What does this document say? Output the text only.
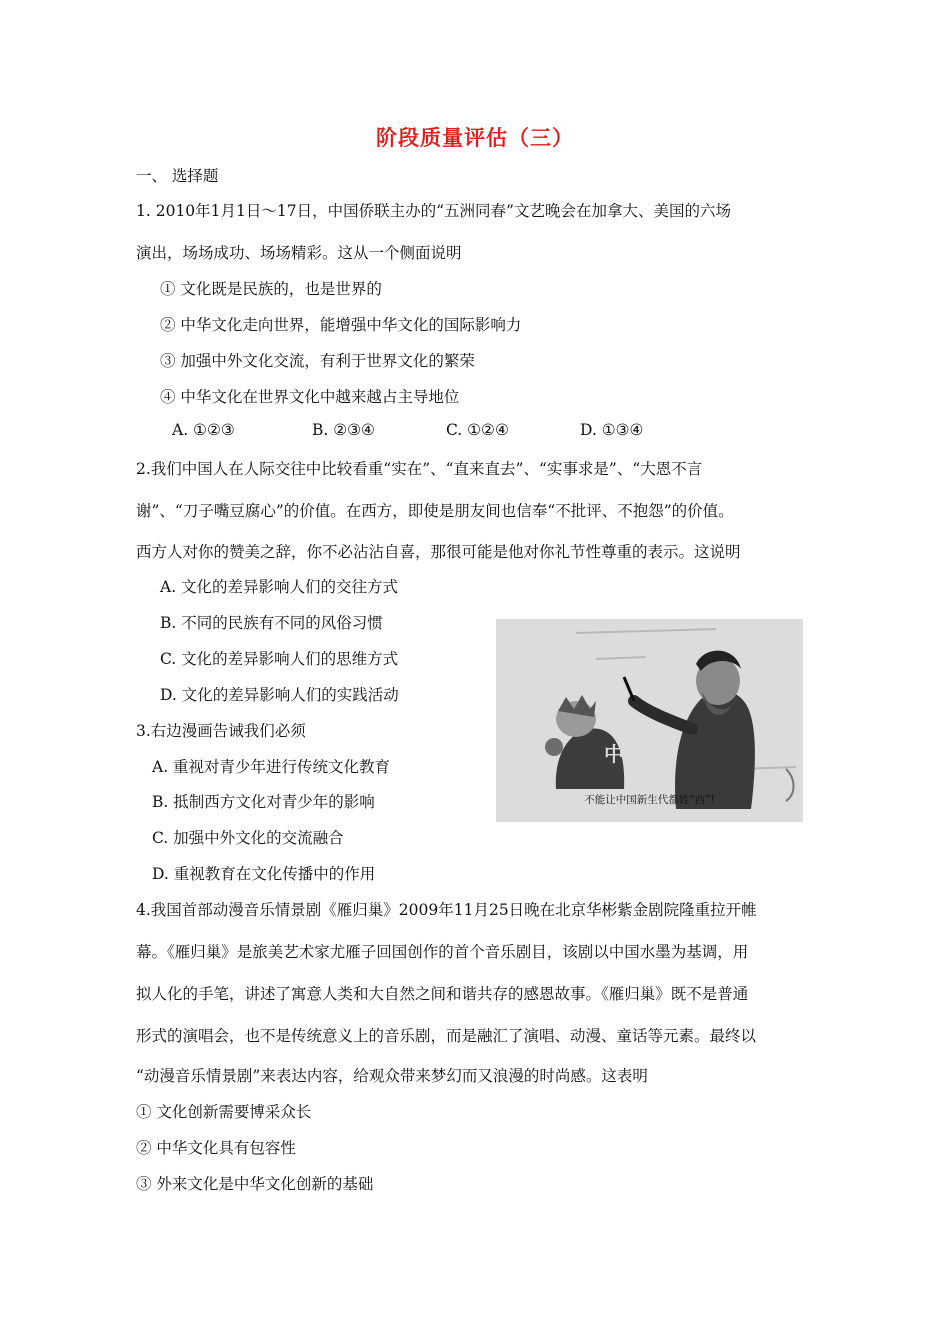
阶段质量评估（三）
一、 选择题
1. 2010年1月1日～17日，中国侨联主办的“五洲同春”文艺晚会在加拿大、美国的六场
演出，场场成功、场场精彩。这从一个侧面说明
① 文化既是民族的，也是世界的
② 中华文化走向世界，能增强中华文化的国际影响力
③ 加强中外文化交流，有利于世界文化的繁荣
④ 中华文化在世界文化中越来越占主导地位
A. ①②③	B. ②③④	C. ①②④	D. ①③④
2.我们中国人在人际交往中比较看重“实在”、“直来直去”、“实事求是”、“大恩不言
谢”、“刀子嘴豆腐心”的价值。在西方，即使是朋友间也信奉“不批评、不抱怨”的价值。
西方人对你的赞美之辞，你不必沾沾自喜，那很可能是他对你礼节性尊重的表示。这说明
A. 文化的差异影响人们的交往方式
B. 不同的民族有不同的风俗习惯
C. 文化的差异影响人们的思维方式
D. 文化的差异影响人们的实践活动
3.右边漫画告诫我们必须
A. 重视对青少年进行传统文化教育
B. 抵制西方文化对青少年的影响
C. 加强中外文化的交流融合
D. 重视教育在文化传播中的作用
中
不能让中国新生代都姓“西”!
4.我国首部动漫音乐情景剧《雁归巢》2009年11月25日晚在北京华彬紫金剧院隆重拉开帷
幕。《雁归巢》是旅美艺术家尤雁子回国创作的首个音乐剧目，该剧以中国水墨为基调，用
拟人化的手笔，讲述了寓意人类和大自然之间和谐共存的感恩故事。《雁归巢》既不是普通
形式的演唱会，也不是传统意义上的音乐剧，而是融汇了演唱、动漫、童话等元素。最终以
“动漫音乐情景剧”来表达内容，给观众带来梦幻而又浪漫的时尚感。这表明
① 文化创新需要博采众长
② 中华文化具有包容性
③ 外来文化是中华文化创新的基础
